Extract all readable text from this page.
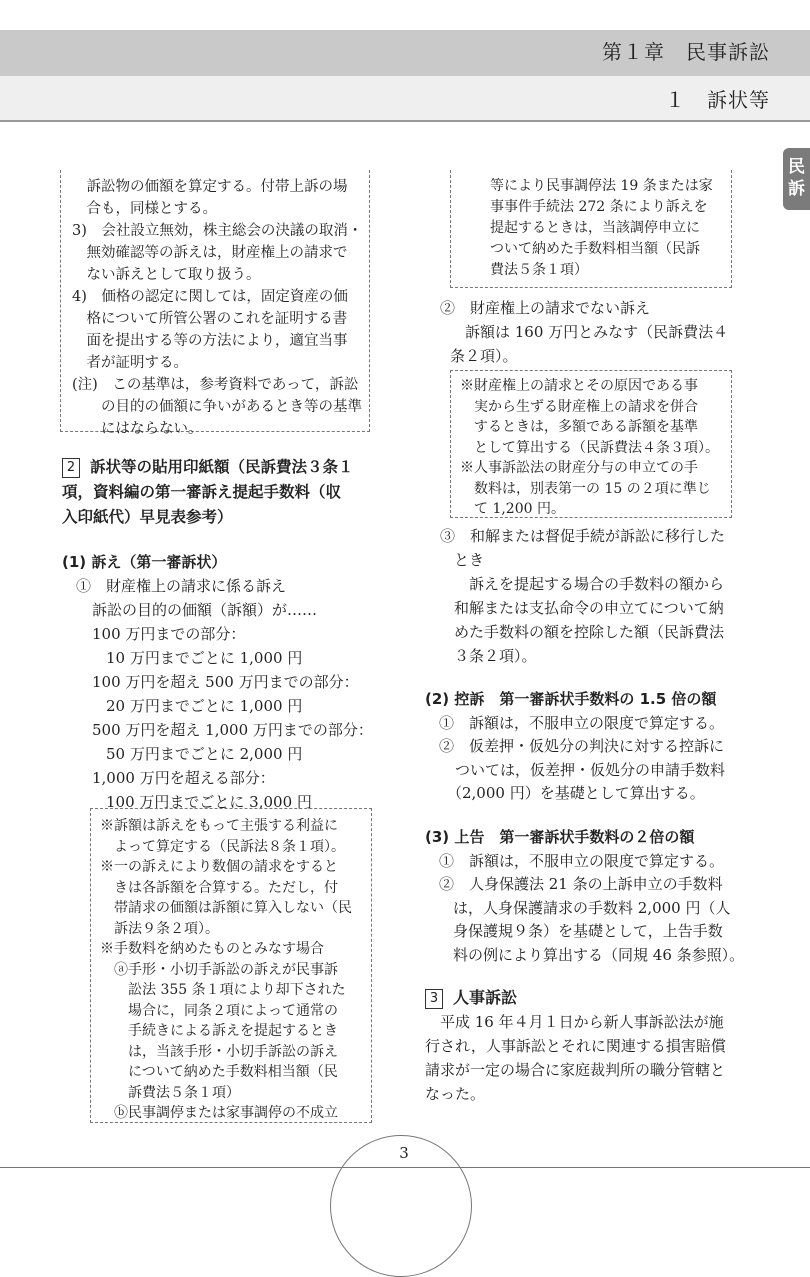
第１章　民事訴訟
１　訴状等
民訴
　訴訟物の価額を算定する。付帯上訴の場
　合も，同様とする。
3)　会社設立無効，株主総会の決議の取消・
　無効確認等の訴えは，財産権上の請求で
　ない訴えとして取り扱う。
4)　価格の認定に関しては，固定資産の価
　格について所管公署のこれを証明する書
　面を提出する等の方法により，適宜当事
　者が証明する。
(注)　この基準は，参考資料であって，訴訟
　　の目的の価額に争いがあるとき等の基準
　　にはならない。
2 訴状等の貼用印紙額（民訴費法３条１
項，資料編の第一審訴え提起手数料（収
入印紙代）早見表参考）
(1) 訴え（第一審訴状）
①　財産権上の請求に係る訴え
訴訟の目的の価額（訴額）が……
100 万円までの部分：
10 万円までごとに 1,000 円
100 万円を超え 500 万円までの部分：
20 万円までごとに 1,000 円
500 万円を超え 1,000 万円までの部分：
50 万円までごとに 2,000 円
1,000 万円を超える部分：
100 万円までごとに 3,000 円
※訴額は訴えをもって主張する利益に
　よって算定する（民訴法８条１項）。
※一の訴えにより数個の請求をすると
　きは各訴額を合算する。ただし，付
　帯請求の価額は訴額に算入しない（民
　訴法９条２項）。
※手数料を納めたものとみなす場合
　ⓐ手形・小切手訴訟の訴えが民事訴
　　訟法 355 条１項により却下された
　　場合に，同条２項によって通常の
　　手続きによる訴えを提起するとき
　　は，当該手形・小切手訴訟の訴え
　　について納めた手数料相当額（民
　　訴費法５条１項）
　ⓑ民事調停または家事調停の不成立
等により民事調停法 19 条または家
事事件手続法 272 条により訴えを
提起するときは，当該調停申立に
ついて納めた手数料相当額（民訴
費法５条１項）
②　財産権上の請求でない訴え
　訴額は 160 万円とみなす（民訴費法４
条２項）。
※財産権上の請求とその原因である事
　実から生ずる財産権上の請求を併合
　するときは，多額である訴額を基準
　として算出する（民訴費法４条３項）。
※人事訴訟法の財産分与の申立ての手
　数料は，別表第一の 15 の２項に準じ
　て 1,200 円。
③　和解または督促手続が訴訟に移行した
とき
　訴えを提起する場合の手数料の額から
和解または支払命令の申立てについて納
めた手数料の額を控除した額（民訴費法
３条２項）。
(2) 控訴　第一審訴状手数料の 1.5 倍の額
①　訴額は，不服申立の限度で算定する。
②　仮差押・仮処分の判決に対する控訴に
ついては，仮差押・仮処分の申請手数料
（2,000 円）を基礎として算出する。
(3) 上告　第一審訴状手数料の２倍の額
①　訴額は，不服申立の限度で算定する。
②　人身保護法 21 条の上訴申立の手数料
は，人身保護請求の手数料 2,000 円（人
身保護規９条）を基礎として，上告手数
料の例により算出する（同規 46 条参照）。
3 人事訴訟
　平成 16 年４月１日から新人事訴訟法が施
行され，人事訴訟とそれに関連する損害賠償
請求が一定の場合に家庭裁判所の職分管轄と
なった。
3
